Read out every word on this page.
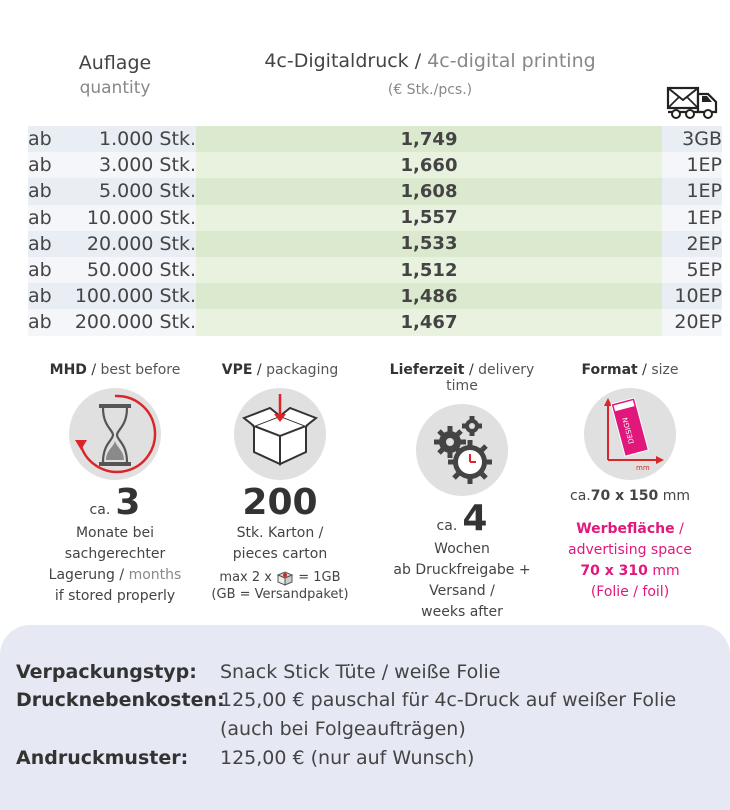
Auflage
quantity
4c-Digitaldruck / 4c-digital printing
(€ Stk./pcs.)
ab	1.000 Stk.	1,749	3GB
ab	3.000 Stk.	1,660	1EP
ab	5.000 Stk.	1,608	1EP
ab	10.000 Stk.	1,557	1EP
ab	20.000 Stk.	1,533	2EP
ab	50.000 Stk.	1,512	5EP
ab	100.000 Stk.	1,486	10EP
ab	200.000 Stk.	1,467	20EP
MHD / best before
ca. 3
Monate bei
sachgerechter
Lagerung / months
if stored properly
VPE / packaging
200
Stk. Karton /
pieces carton
max 2 x = 1GB
(GB = Versandpaket)
Lieferzeit / delivery time
ca. 4
Wochen
ab Druckfreigabe + Versand /
weeks after
Format / size
DESIGN
mm
ca.70 x 150 mm
Werbefläche /
advertising space
70 x 310 mm
(Folie / foil)
Verpackungstyp:	Snack Stick Tüte / weiße Folie
Drucknebenkosten:
125,00 € pauschal für 4c-Druck auf weißer Folie
(auch bei Folgeaufträgen)
Andruckmuster:	125,00 € (nur auf Wunsch)
